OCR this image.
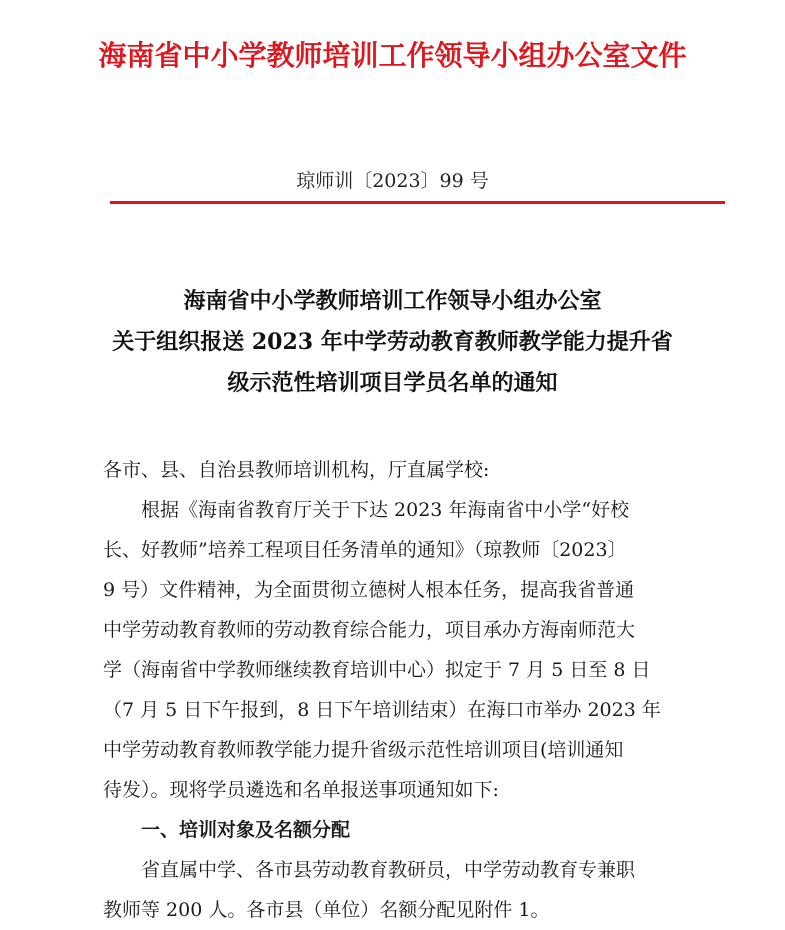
海南省中小学教师培训工作领导小组办公室文件
琼师训〔2023〕99 号
海南省中小学教师培训工作领导小组办公室
关于组织报送 2023 年中学劳动教育教师教学能力提升省
级示范性培训项目学员名单的通知
各市、县、自治县教师培训机构，厅直属学校:
根据《海南省教育厅关于下达 2023 年海南省中小学“好校
长、好教师”培养工程项目任务清单的通知》（琼教师〔2023〕
9 号）文件精神，为全面贯彻立德树人根本任务，提高我省普通
中学劳动教育教师的劳动教育综合能力，项目承办方海南师范大
学（海南省中学教师继续教育培训中心）拟定于 7 月 5 日至 8 日
（7 月 5 日下午报到，8 日下午培训结束）在海口市举办 2023 年
中学劳动教育教师教学能力提升省级示范性培训项目(培训通知
待发）。现将学员遴选和名单报送事项通知如下:
一、培训对象及名额分配
省直属中学、各市县劳动教育教研员，中学劳动教育专兼职
教师等 200 人。各市县（单位）名额分配见附件 1。
